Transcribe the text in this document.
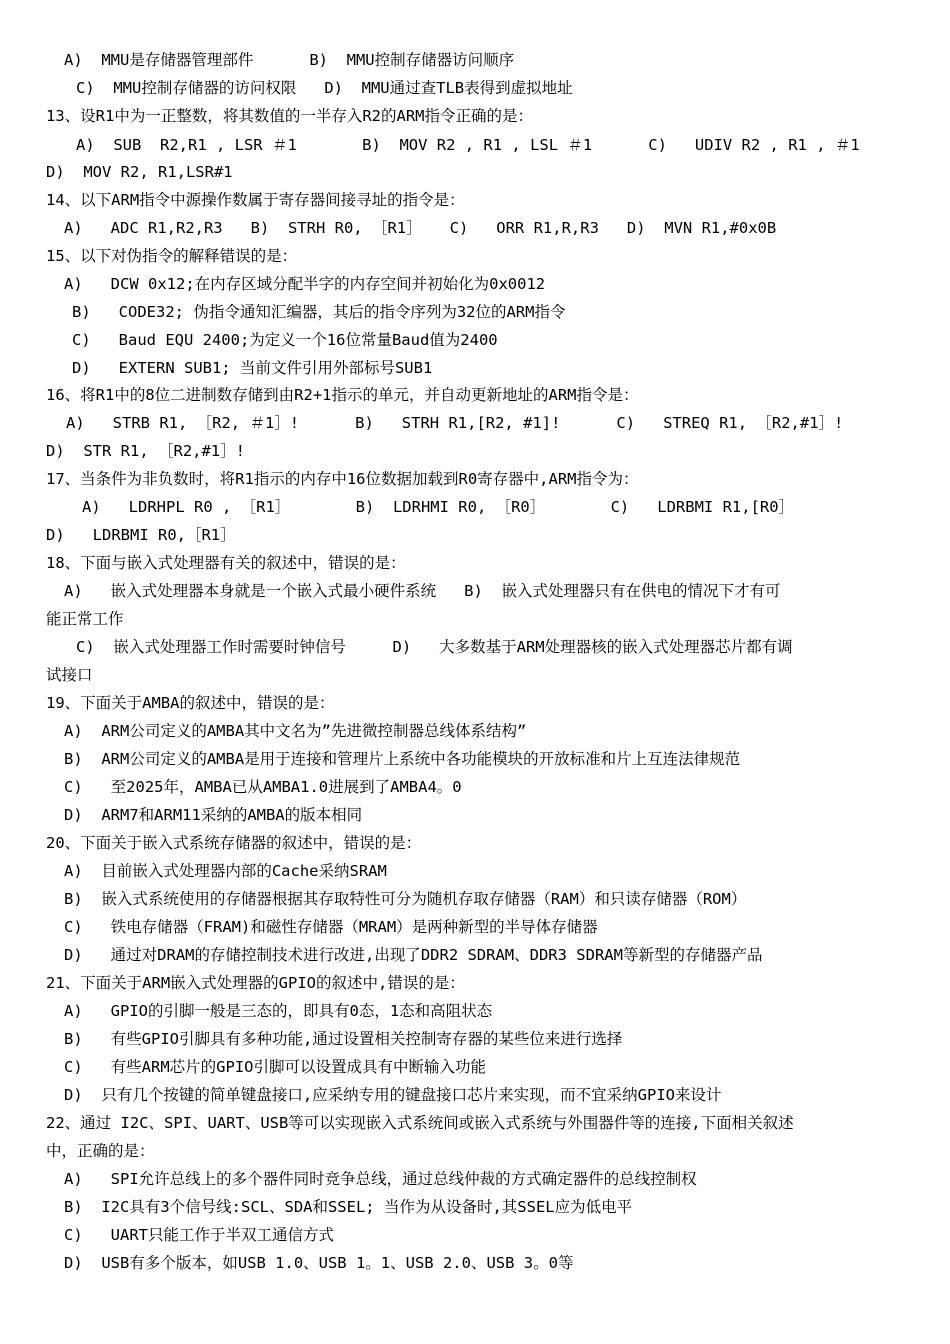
A)  MMU是存储器管理部件      B)  MMU控制存储器访问顺序
C)  MMU控制存储器的访问权限   D)  MMU通过查TLB表得到虚拟地址
13、设R1中为一正整数，将其数值的一半存入R2的ARM指令正确的是：
A)  SUB  R2,R1 , LSR ＃1       B)  MOV R2 , R1 , LSL ＃1      C)   UDIV R2 , R1 , ＃1
D)  MOV R2, R1,LSR#1
14、以下ARM指令中源操作数属于寄存器间接寻址的指令是：
A)   ADC R1,R2,R3   B)  STRH R0, ［R1］   C)   ORR R1,R,R3   D)  MVN R1,#0x0B
15、以下对伪指令的解释错误的是：
A)   DCW 0x12;在内存区域分配半字的内存空间并初始化为0x0012
B)   CODE32; 伪指令通知汇编器，其后的指令序列为32位的ARM指令
C)   Baud EQU 2400;为定义一个16位常量Baud值为2400
D)   EXTERN SUB1; 当前文件引用外部标号SUB1
16、将R1中的8位二进制数存储到由R2+1指示的单元，并自动更新地址的ARM指令是：
A)   STRB R1, ［R2, ＃1］!      B)   STRH R1,[R2, #1]!      C)   STREQ R1, ［R2,#1］!
D)  STR R1, ［R2,#1］!
17、当条件为非负数时，将R1指示的内存中16位数据加载到R0寄存器中,ARM指令为：
A)   LDRHPL R0 , ［R1］       B)  LDRHMI R0, ［R0］       C)   LDRBMI R1,[R0］
D)   LDRBMI R0,［R1］
18、下面与嵌入式处理器有关的叙述中，错误的是：
A)   嵌入式处理器本身就是一个嵌入式最小硬件系统   B)  嵌入式处理器只有在供电的情况下才有可
能正常工作
C)  嵌入式处理器工作时需要时钟信号     D)   大多数基于ARM处理器核的嵌入式处理器芯片都有调
试接口
19、下面关于AMBA的叙述中，错误的是：
A)  ARM公司定义的AMBA其中文名为”先进微控制器总线体系结构”
B)  ARM公司定义的AMBA是用于连接和管理片上系统中各功能模块的开放标准和片上互连法律规范
C)   至2025年，AMBA已从AMBA1.0进展到了AMBA4。0
D)  ARM7和ARM11采纳的AMBA的版本相同
20、下面关于嵌入式系统存储器的叙述中，错误的是：
A)  目前嵌入式处理器内部的Cache采纳SRAM
B)  嵌入式系统使用的存储器根据其存取特性可分为随机存取存储器（RAM）和只读存储器（ROM）
C)   铁电存储器（FRAM)和磁性存储器（MRAM）是两种新型的半导体存储器
D)   通过对DRAM的存储控制技术进行改进,出现了DDR2 SDRAM、DDR3 SDRAM等新型的存储器产品
21、下面关于ARM嵌入式处理器的GPIO的叙述中,错误的是：
A)   GPIO的引脚一般是三态的，即具有0态，1态和高阻状态
B)   有些GPIO引脚具有多种功能,通过设置相关控制寄存器的某些位来进行选择
C)   有些ARM芯片的GPIO引脚可以设置成具有中断输入功能
D)  只有几个按键的简单键盘接口,应采纳专用的键盘接口芯片来实现，而不宜采纳GPIO来设计
22、通过 I2C、SPI、UART、USB等可以实现嵌入式系统间或嵌入式系统与外围器件等的连接,下面相关叙述
中，正确的是：
A)   SPI允许总线上的多个器件同时竞争总线，通过总线仲裁的方式确定器件的总线控制权
B)  I2C具有3个信号线:SCL、SDA和SSEL; 当作为从设备时,其SSEL应为低电平
C)   UART只能工作于半双工通信方式
D)  USB有多个版本，如USB 1.0、USB 1。1、USB 2.0、USB 3。0等
